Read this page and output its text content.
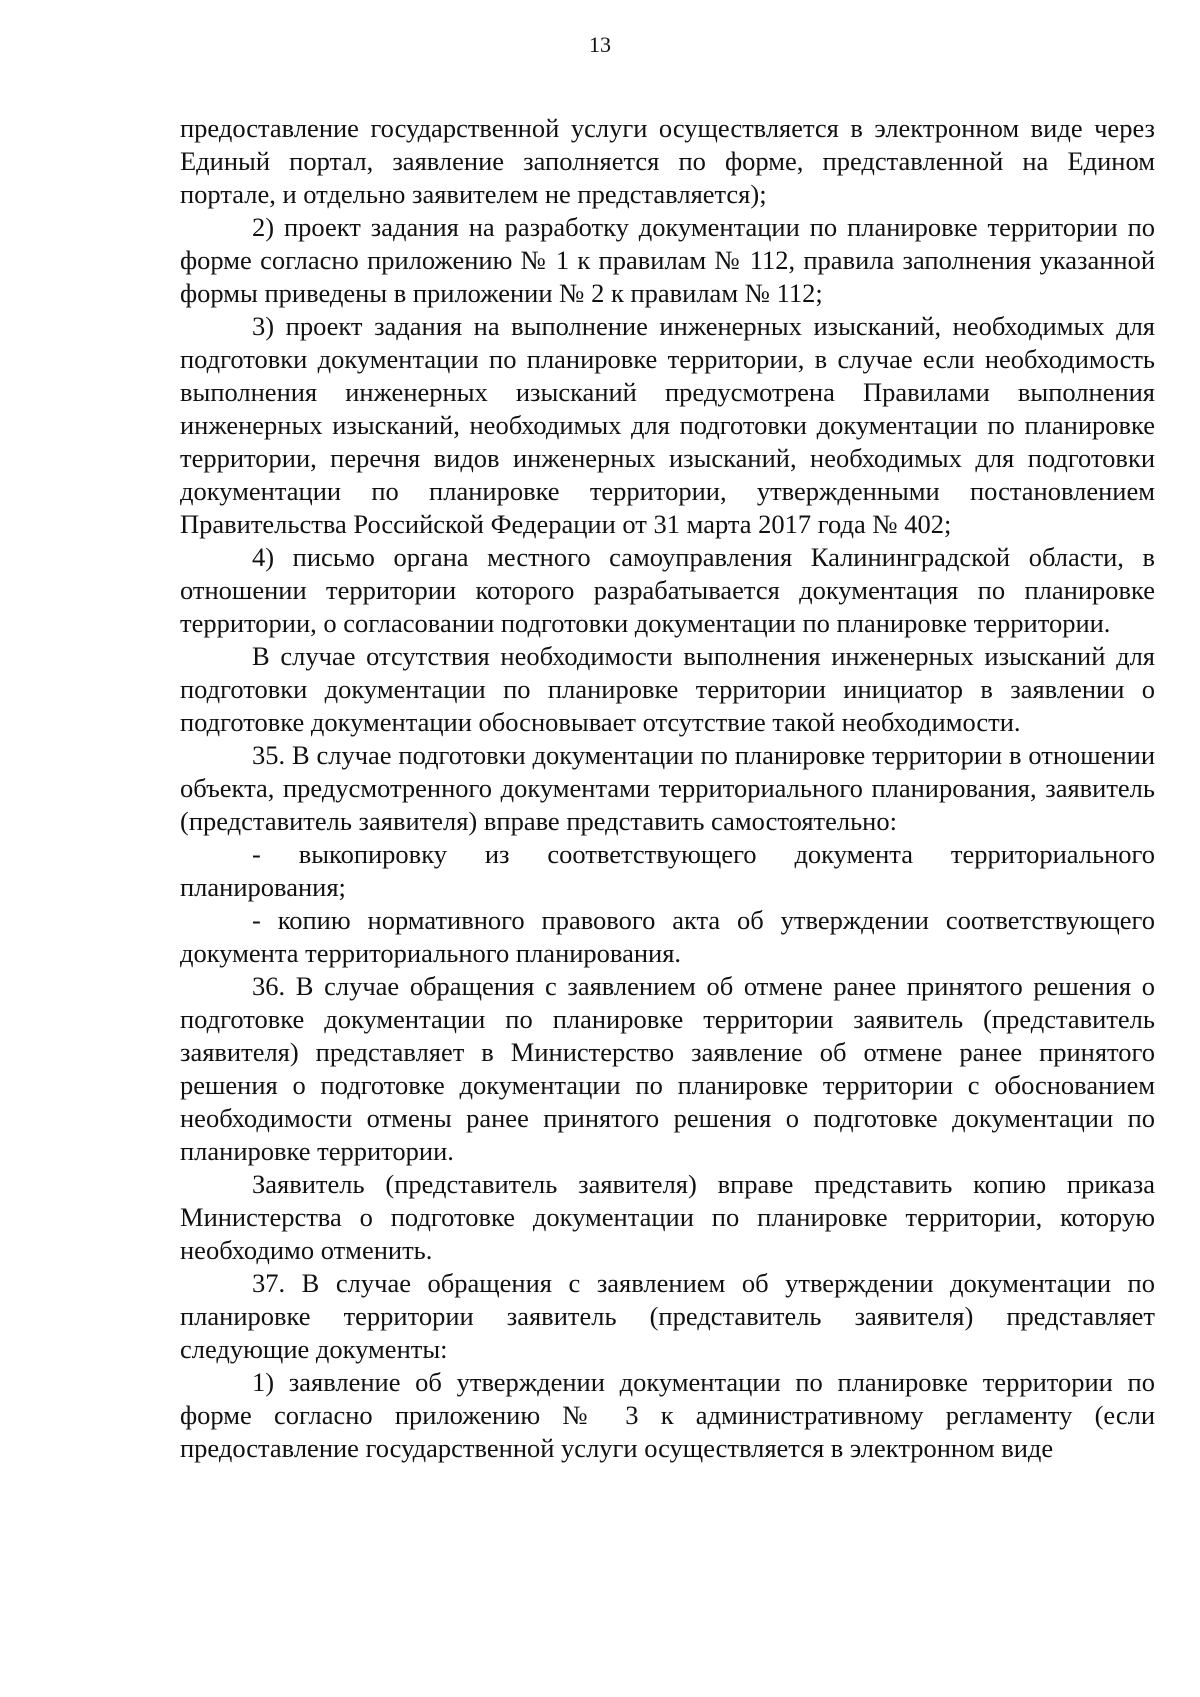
13

предоставление государственной услуги осуществляется в электронном виде через Единый портал, заявление заполняется по форме, представленной на Едином портале, и отдельно заявителем не представляется);

2) проект задания на разработку документации по планировке территории по форме согласно приложению № 1 к правилам № 112, правила заполнения указанной формы приведены в приложении № 2 к правилам № 112;

3) проект задания на выполнение инженерных изысканий, необходимых для подготовки документации по планировке территории, в случае если необходимость выполнения инженерных изысканий предусмотрена Правилами выполнения инженерных изысканий, необходимых для подготовки документации по планировке территории, перечня видов инженерных изысканий, необходимых для подготовки документации по планировке территории, утвержденными постановлением Правительства Российской Федерации от 31 марта 2017 года № 402;

4) письмо органа местного самоуправления Калининградской области, в отношении территории которого разрабатывается документация по планировке территории, о согласовании подготовки документации по планировке территории.

В случае отсутствия необходимости выполнения инженерных изысканий для подготовки документации по планировке территории инициатор в заявлении о подготовке документации обосновывает отсутствие такой необходимости.

35. В случае подготовки документации по планировке территории в отношении объекта, предусмотренного документами территориального планирования, заявитель (представитель заявителя) вправе представить самостоятельно:

- выкопировку из соответствующего документа территориального планирования;

- копию нормативного правового акта об утверждении соответствующего документа территориального планирования.

36. В случае обращения с заявлением об отмене ранее принятого решения о подготовке документации по планировке территории заявитель (представитель заявителя) представляет в Министерство заявление об отмене ранее принятого решения о подготовке документации по планировке территории с обоснованием необходимости отмены ранее принятого решения о подготовке документации по планировке территории.

Заявитель (представитель заявителя) вправе представить копию приказа Министерства о подготовке документации по планировке территории, которую необходимо отменить.

37. В случае обращения с заявлением об утверждении документации по планировке территории заявитель (представитель заявителя) представляет следующие документы:

1) заявление об утверждении документации по планировке территории по форме согласно приложению № 3 к административному регламенту (если предоставление государственной услуги осуществляется в электронном виде
